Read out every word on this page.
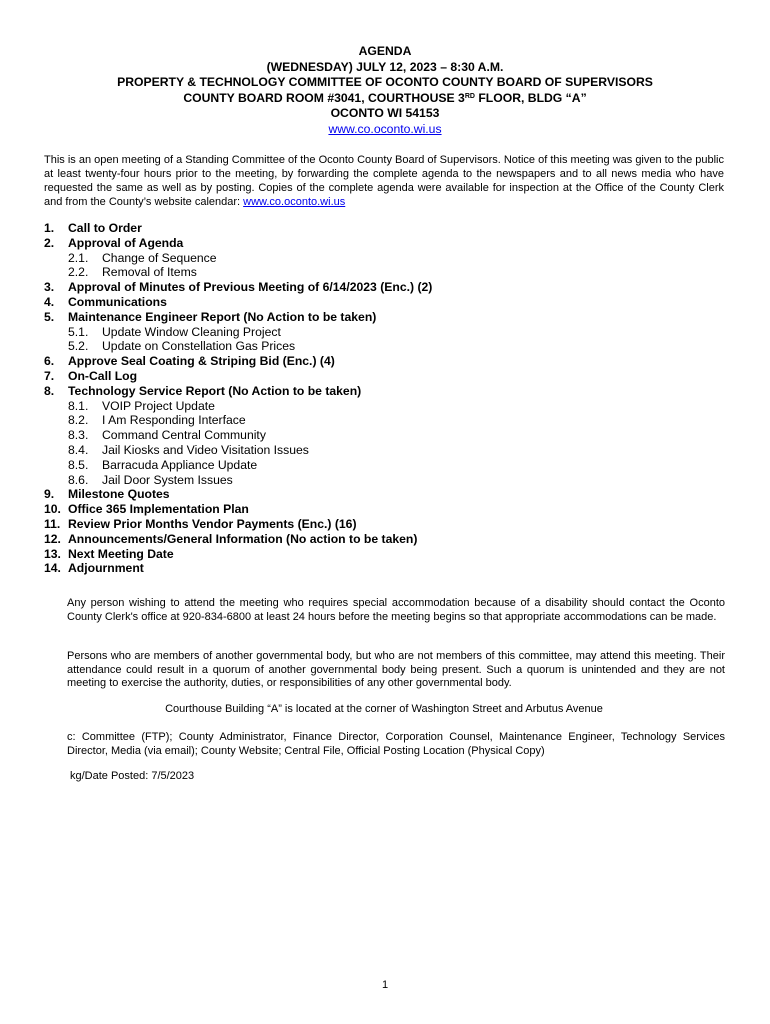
AGENDA
(WEDNESDAY) JULY 12, 2023 – 8:30 A.M.
PROPERTY & TECHNOLOGY COMMITTEE OF OCONTO COUNTY BOARD OF SUPERVISORS
COUNTY BOARD ROOM #3041, COURTHOUSE 3RD FLOOR, BLDG “A”
OCONTO WI 54153
www.co.oconto.wi.us
This is an open meeting of a Standing Committee of the Oconto County Board of Supervisors. Notice of this meeting was given to the public at least twenty-four hours prior to the meeting, by forwarding the complete agenda to the newspapers and to all news media who have requested the same as well as by posting. Copies of the complete agenda were available for inspection at the Office of the County Clerk and from the County’s website calendar: www.co.oconto.wi.us
1. Call to Order
2. Approval of Agenda
2.1. Change of Sequence
2.2. Removal of Items
3. Approval of Minutes of Previous Meeting of 6/14/2023 (Enc.) (2)
4. Communications
5. Maintenance Engineer Report (No Action to be taken)
5.1. Update Window Cleaning Project
5.2. Update on Constellation Gas Prices
6. Approve Seal Coating & Striping Bid (Enc.) (4)
7. On-Call Log
8. Technology Service Report (No Action to be taken)
8.1. VOIP Project Update
8.2. I Am Responding Interface
8.3. Command Central Community
8.4. Jail Kiosks and Video Visitation Issues
8.5. Barracuda Appliance Update
8.6. Jail Door System Issues
9. Milestone Quotes
10. Office 365 Implementation Plan
11. Review Prior Months Vendor Payments (Enc.) (16)
12. Announcements/General Information (No action to be taken)
13. Next Meeting Date
14. Adjournment
Any person wishing to attend the meeting who requires special accommodation because of a disability should contact the Oconto County Clerk's office at 920-834-6800 at least 24 hours before the meeting begins so that appropriate accommodations can be made.
Persons who are members of another governmental body, but who are not members of this committee, may attend this meeting. Their attendance could result in a quorum of another governmental body being present. Such a quorum is unintended and they are not meeting to exercise the authority, duties, or responsibilities of any other governmental body.
Courthouse Building “A” is located at the corner of Washington Street and Arbutus Avenue
c: Committee (FTP); County Administrator, Finance Director, Corporation Counsel, Maintenance Engineer, Technology Services Director, Media (via email); County Website; Central File, Official Posting Location (Physical Copy)
kg/Date Posted: 7/5/2023
1
